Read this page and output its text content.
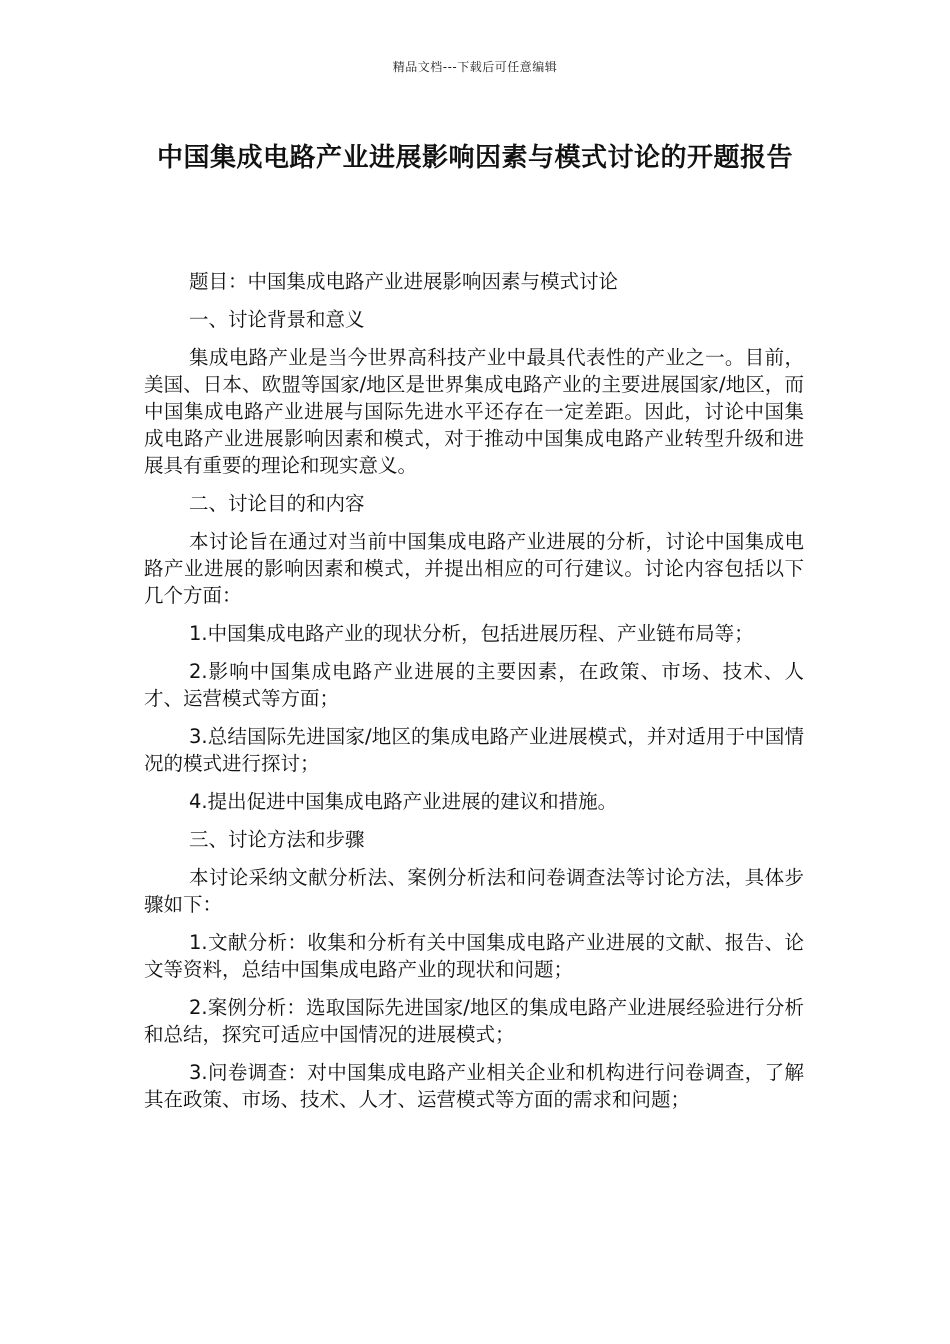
精品文档---下载后可任意编辑
中国集成电路产业进展影响因素与模式讨论的开题报告

题目：中国集成电路产业进展影响因素与模式讨论

一、讨论背景和意义

集成电路产业是当今世界高科技产业中最具代表性的产业之一。目前，美国、日本、欧盟等国家/地区是世界集成电路产业的主要进展国家/地区，而中国集成电路产业进展与国际先进水平还存在一定差距。因此，讨论中国集成电路产业进展影响因素和模式，对于推动中国集成电路产业转型升级和进展具有重要的理论和现实意义。

二、讨论目的和内容

本讨论旨在通过对当前中国集成电路产业进展的分析，讨论中国集成电路产业进展的影响因素和模式，并提出相应的可行建议。讨论内容包括以下几个方面：

1.中国集成电路产业的现状分析，包括进展历程、产业链布局等；

2.影响中国集成电路产业进展的主要因素，在政策、市场、技术、人才、运营模式等方面；

3.总结国际先进国家/地区的集成电路产业进展模式，并对适用于中国情况的模式进行探讨；

4.提出促进中国集成电路产业进展的建议和措施。

三、讨论方法和步骤

本讨论采纳文献分析法、案例分析法和问卷调查法等讨论方法，具体步骤如下：

1.文献分析：收集和分析有关中国集成电路产业进展的文献、报告、论文等资料，总结中国集成电路产业的现状和问题；

2.案例分析：选取国际先进国家/地区的集成电路产业进展经验进行分析和总结，探究可适应中国情况的进展模式；

3.问卷调查：对中国集成电路产业相关企业和机构进行问卷调查，了解其在政策、市场、技术、人才、运营模式等方面的需求和问题；
